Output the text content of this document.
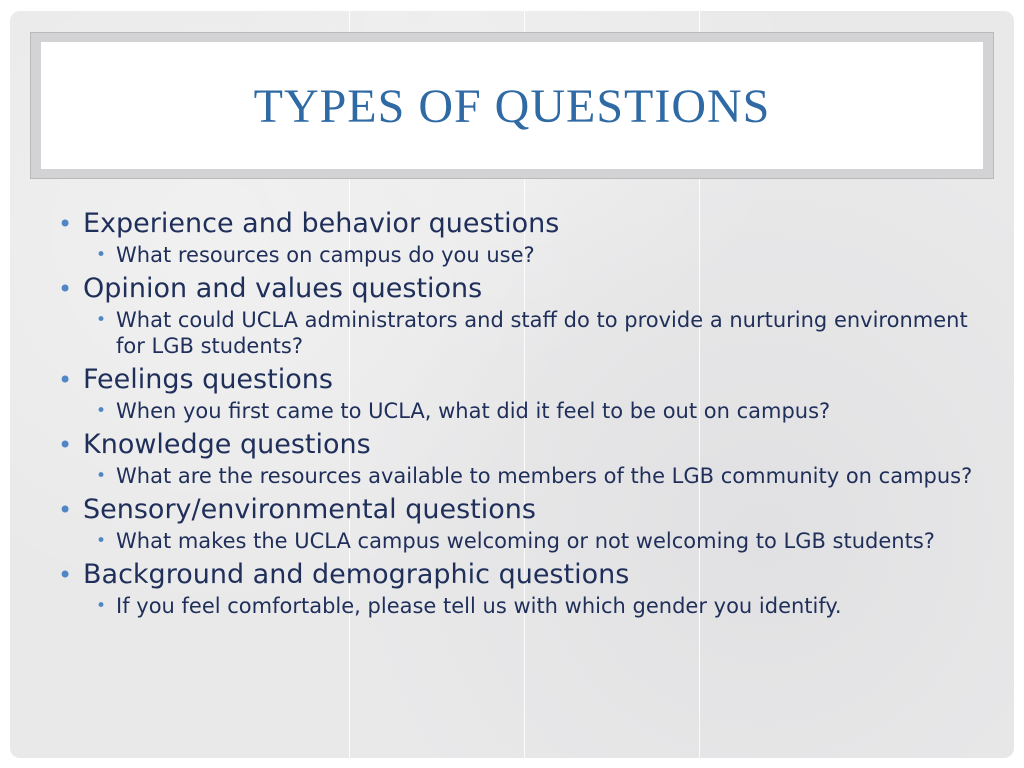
TYPES OF QUESTIONS
• Experience and behavior questions
• What resources on campus do you use?
• Opinion and values questions
• What could UCLA administrators and staff do to provide a nurturing environment for LGB students?
• Feelings questions
• When you first came to UCLA, what did it feel to be out on campus?
• Knowledge questions
• What are the resources available to members of the LGB community on campus?
• Sensory/environmental questions
• What makes the UCLA campus welcoming or not welcoming to LGB students?
• Background and demographic questions
• If you feel comfortable, please tell us with which gender you identify.
